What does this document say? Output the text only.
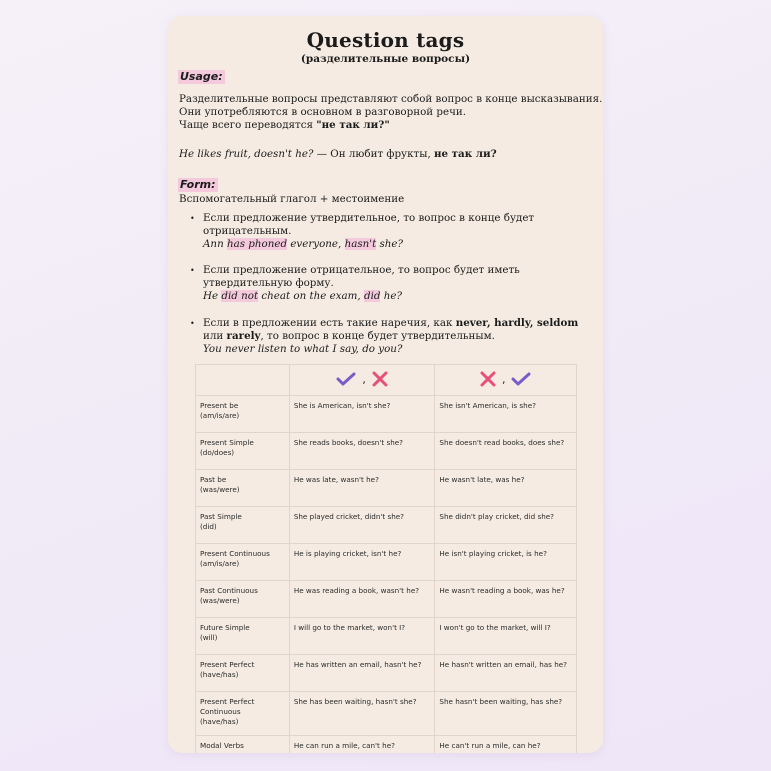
Question tags
(разделительные вопросы)
Usage:
Разделительные вопросы представляют собой вопрос в конце высказывания.
Они употребляются в основном в разговорной речи.
Чаще всего переводятся "не так ли?"
He likes fruit, doesn't he? — Он любит фрукты, не так ли?
Form:
Вспомогательный глагол + местоимение
• Если предложение утвердительное, то вопрос в конце будет
отрицательным.
Ann has phoned everyone, hasn't she?
• Если предложение отрицательное, то вопрос будет иметь
утвердительную форму.
He did not cheat on the exam, did he?
• Если в предложении есть такие наречия, как never, hardly, seldom
или rarely, то вопрос в конце будет утвердительным.
You never listen to what I say, do you?
	,	,

Present be
(am/is/are)	She is American, isn't she?	She isn't American, is she?

Present Simple
(do/does)	She reads books, doesn't she?	She doesn't read books, does she?

Past be
(was/were)	He was late, wasn't he?	He wasn't late, was he?

Past Simple
(did)	She played cricket, didn't she?	She didn't play cricket, did she?

Present Continuous
(am/is/are)	He is playing cricket, isn't he?	He isn't playing cricket, is he?

Past Continuous
(was/were)	He was reading a book, wasn't he?	He wasn't reading a book, was he?

Future Simple
(will)	I will go to the market, won't I?	I won't go to the market, will I?

Present Perfect
(have/has)	He has written an email, hasn't he?	He hasn't written an email, has he?

Present Perfect
Continuous
(have/has)	She has been waiting, hasn't she?	She hasn't been waiting, has she?

Modal Verbs	He can run a mile, can't he?	He can't run a mile, can he?
